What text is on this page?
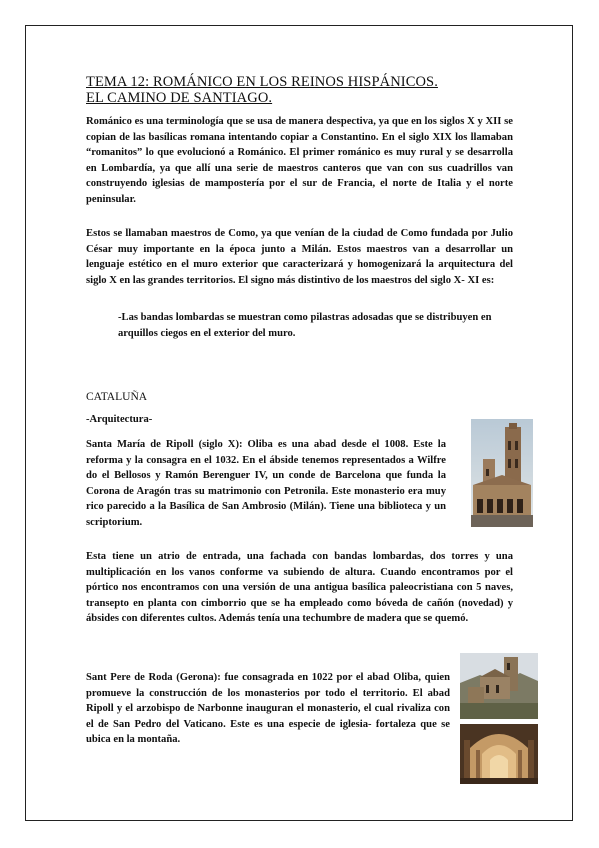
TEMA 12: ROMÁNICO EN LOS REINOS HISPÁNICOS.
EL CAMINO DE SANTIAGO.

Románico es una terminología que se usa de manera despectiva, ya que en los siglos X y XII se copian de las basílicas romana intentando copiar a Constantino. En el siglo XIX los llamaban “romanitos” lo que evolucionó a Románico. El primer románico es muy rural y se desarrolla en Lombardía, ya que allí una serie de maestros canteros que van con sus cuadrillos van construyendo iglesias de mampostería por el sur de Francia, el norte de Italia y el norte peninsular.

Estos se llamaban maestros de Como, ya que venían de la ciudad de Como fundada por Julio César muy importante en la época junto a Milán. Estos maestros van a desarrollar un lenguaje estético en el muro exterior que caracterizará y homogenizará la arquitectura del siglo X en las grandes territorios. El signo más distintivo de los maestros del siglo X- XI es:

-Las bandas lombardas se muestran como pilastras adosadas que se distribuyen en arquillos ciegos en el exterior del muro.

CATALUÑA
-Arquitectura-

Santa María de Ripoll (siglo X): Oliba es una abad desde el 1008. Este la reforma y la consagra en el 1032. En el ábside tenemos representados a Wilfre do el Bellosos y Ramón Berenguer IV, un conde de Barcelona que funda la Corona de Aragón tras su matrimonio con Petronila. Este monasterio era muy rico parecido a la Basílica de San Ambrosio (Milán). Tiene una biblioteca y un scriptorium.

Esta tiene un atrio de entrada, una fachada con bandas lombardas, dos torres y una multiplicación en los vanos conforme va subiendo de altura. Cuando encontramos por el pórtico nos encontramos con una versión de una antigua basílica paleocristiana con 5 naves, transepto en planta con cimborrio que se ha empleado como bóveda de cañón (novedad) y ábsides con diferentes cultos. Además tenía una techumbre de madera que se quemó.

Sant Pere de Roda (Gerona): fue consagrada en 1022 por el abad Oliba, quien promueve la construcción de los monasterios por todo el territorio. El abad Ripoll y el arzobispo de Narbonne inauguran el monasterio, el cual rivaliza con el de San Pedro del Vaticano. Este es una especie de iglesia- fortaleza que se ubica en la montaña.
